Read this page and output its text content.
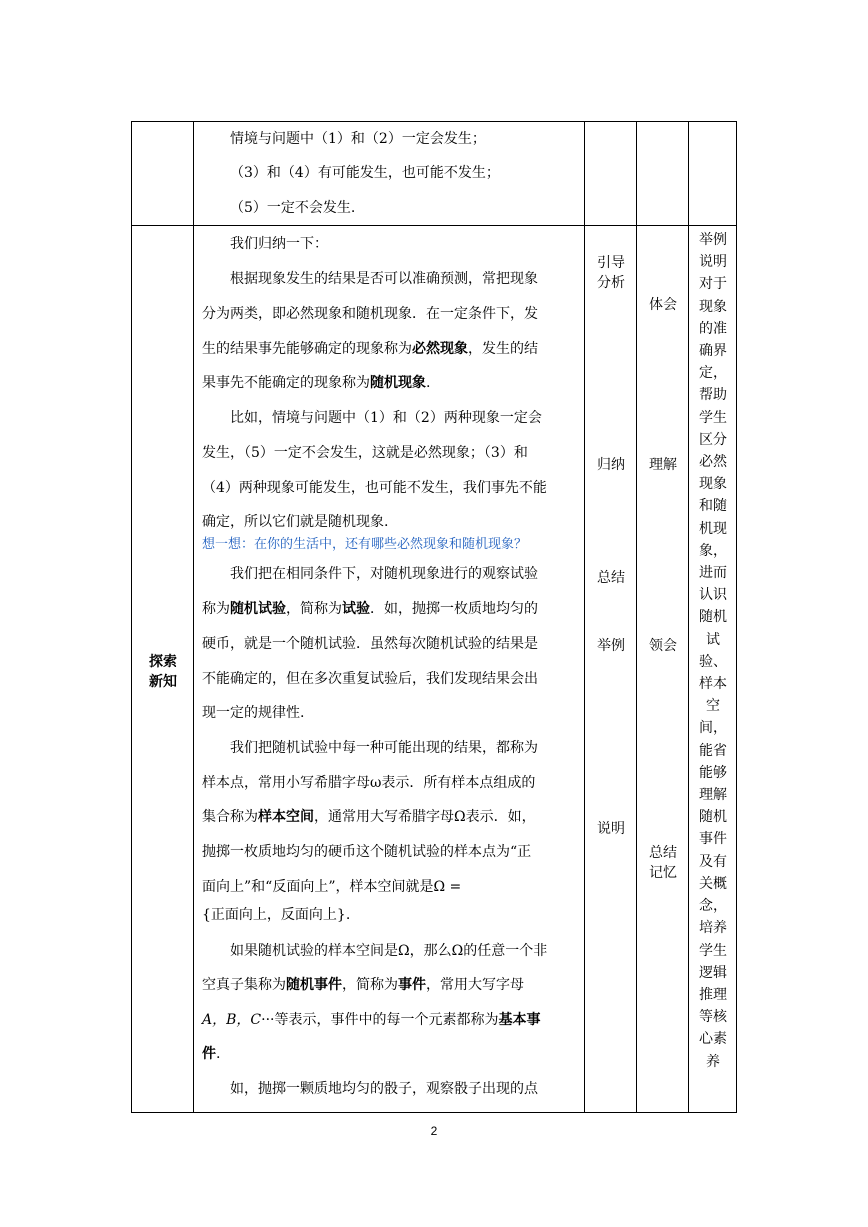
情境与问题中（1）和（2）一定会发生；
（3）和（4）有可能发生，也可能不发生；
（5）一定不会发生.
探索
新知
我们归纳一下：
根据现象发生的结果是否可以准确预测，常把现象
分为两类，即必然现象和随机现象．在一定条件下，发
生的结果事先能够确定的现象称为必然现象，发生的结
果事先不能确定的现象称为随机现象.
比如，情境与问题中（1）和（2）两种现象一定会
发生，（5）一定不会发生，这就是必然现象；（3）和
（4）两种现象可能发生，也可能不发生，我们事先不能
确定，所以它们就是随机现象.
想一想：在你的生活中，还有哪些必然现象和随机现象？
我们把在相同条件下，对随机现象进行的观察试验
称为随机试验，简称为试验．如，抛掷一枚质地均匀的
硬币，就是一个随机试验．虽然每次随机试验的结果是
不能确定的，但在多次重复试验后，我们发现结果会出
现一定的规律性.
我们把随机试验中每一种可能出现的结果，都称为
样本点，常用小写希腊字母ω表示．所有样本点组成的
集合称为样本空间，通常用大写希腊字母Ω表示．如，
抛掷一枚质地均匀的硬币这个随机试验的样本点为“正
面向上”和“反面向上”，样本空间就是Ω =
{正面向上，反面向上}.
如果随机试验的样本空间是Ω，那么Ω的任意一个非
空真子集称为随机事件，简称为事件，常用大写字母
A，B，C···等表示，事件中的每一个元素都称为基本事
件.
如，抛掷一颗质地均匀的骰子，观察骰子出现的点
引导
分析
归纳
总结
举例
说明
体会
理解
领会
总结
记忆
举例
说明
对于
现象
的准
确界
定，
帮助
学生
区分
必然
现象
和随
机现
象，
进而
认识
随机
试
验、
样本
空
间，
能省
能够
理解
随机
事件
及有
关概
念，
培养
学生
逻辑
推理
等核
心素
养
2
